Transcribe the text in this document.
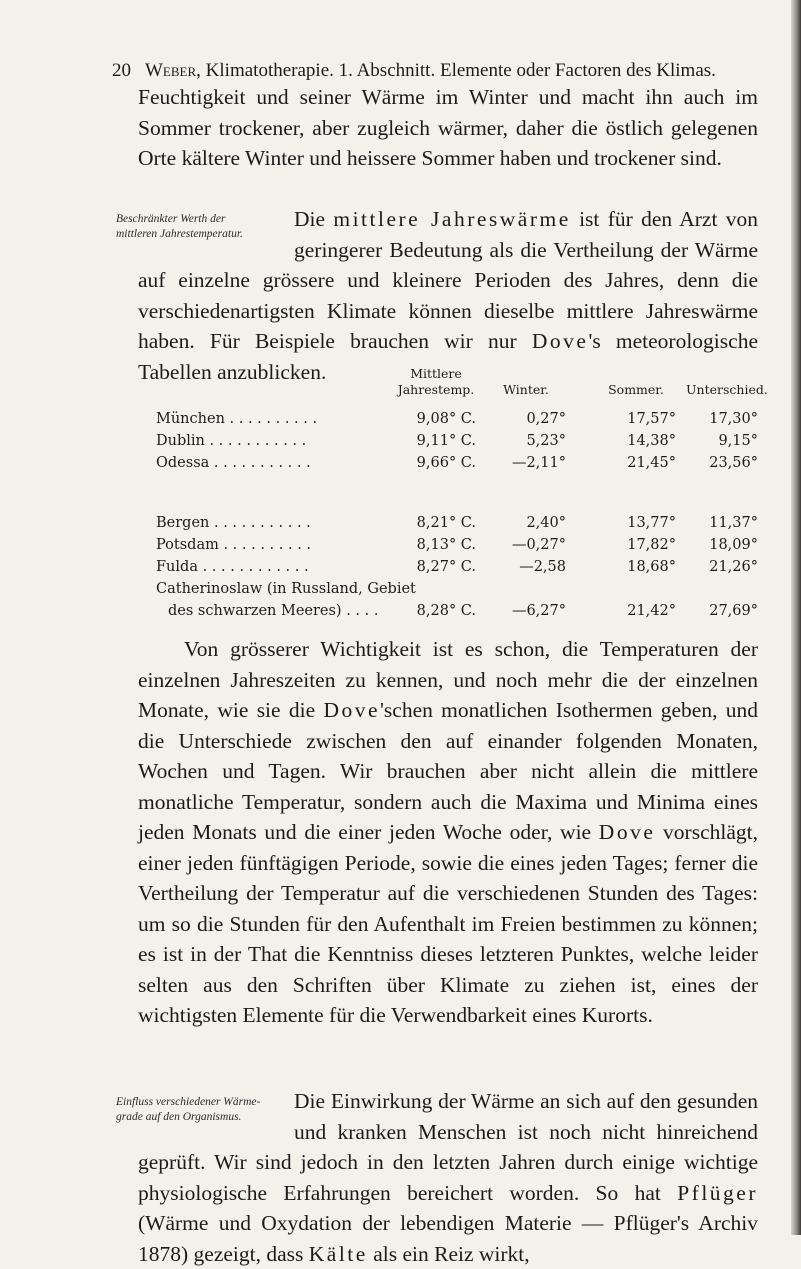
20 Weber, Klimatotherapie. 1. Abschnitt. Elemente oder Factoren des Klimas.
Feuchtigkeit und seiner Wärme im Winter und macht ihn auch im Sommer trockener, aber zugleich wärmer, daher die östlich gelegenen Orte kältere Winter und heissere Sommer haben und trockener sind.
Beschränkter Werth der
mittleren Jahrestemperatur.
Die mittlere Jahreswärme ist für den Arzt von geringerer Bedeutung als die Vertheilung der Wärme auf einzelne grössere und kleinere Perioden des Jahres, denn die verschiedenartigsten Klimate können dieselbe mittlere Jahreswärme haben. Für Beispiele brauchen wir nur Dove's meteorologische Tabellen anzublicken.	Mittlere
Jahrestemp.	Winter.	Sommer.	Unterschied.
München . . . . . . . . . .	9,08° C.	0,27°	17,57°	17,30°
Dublin . . . . . . . . . . .	9,11° C.	5,23°	14,38°	9,15°
Odessa . . . . . . . . . . .	9,66° C.	—2,11°	21,45°	23,56°
Bergen . . . . . . . . . . .	8,21° C.	2,40°	13,77°	11,37°
Potsdam . . . . . . . . . .	8,13° C.	—0,27°	17,82°	18,09°
Fulda . . . . . . . . . . . .	8,27° C.	—2,58	18,68°	21,26°
Catherinoslaw (in Russland, Gebiet
des schwarzen Meeres) . . . .	8,28° C.	—6,27°	21,42°	27,69°
Von grösserer Wichtigkeit ist es schon, die Temperaturen der einzelnen Jahreszeiten zu kennen, und noch mehr die der einzelnen Monate, wie sie die Dove'schen monatlichen Isothermen geben, und die Unterschiede zwischen den auf einander folgenden Monaten, Wochen und Tagen. Wir brauchen aber nicht allein die mittlere monatliche Temperatur, sondern auch die Maxima und Minima eines jeden Monats und die einer jeden Woche oder, wie Dove vorschlägt, einer jeden fünftägigen Periode, sowie die eines jeden Tages; ferner die Vertheilung der Temperatur auf die verschiedenen Stunden des Tages: um so die Stunden für den Aufenthalt im Freien bestimmen zu können; es ist in der That die Kenntniss dieses letzteren Punktes, welche leider selten aus den Schriften über Klimate zu ziehen ist, eines der wichtigsten Elemente für die Verwendbarkeit eines Kurorts.
Einfluss verschiedener Wärme-
grade auf den Organismus.
Die Einwirkung der Wärme an sich auf den gesunden und kranken Menschen ist noch nicht hinreichend geprüft. Wir sind jedoch in den letzten Jahren durch einige wichtige physiologische Erfahrungen bereichert worden. So hat Pflüger (Wärme und Oxydation der lebendigen Materie — Pflüger's Archiv 1878) gezeigt, dass Kälte als ein Reiz wirkt,
